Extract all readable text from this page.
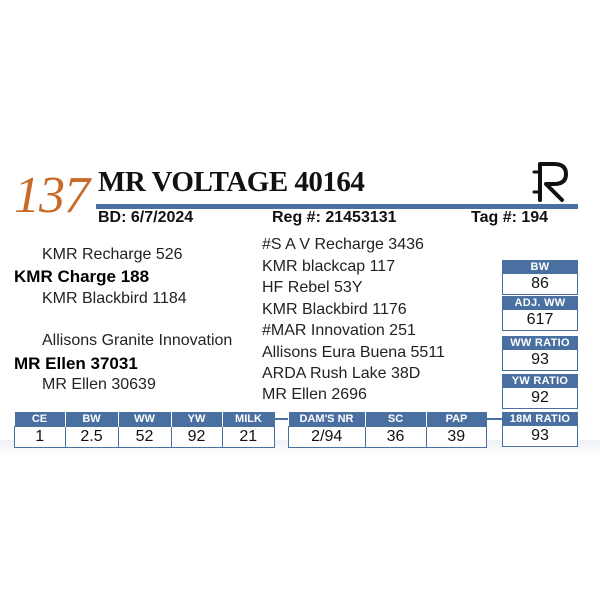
137 MR VOLTAGE 40164
BD: 6/7/2024	Reg #: 21453131	Tag #: 194
KMR Recharge 526
KMR Charge 188
KMR Blackbird 1184
Allisons Granite Innovation
MR Ellen 37031
MR Ellen 30639
#S A V Recharge 3436
KMR blackcap 117
HF Rebel 53Y
KMR Blackbird 1176
#MAR Innovation 251
Allisons Eura Buena 5511
ARDA Rush Lake 38D
MR Ellen 2696
BW
86
ADJ. WW
617
WW RATIO
93
YW RATIO
92
18M RATIO
93
CE	BW	WW	YW	MILK
1	2.5	52	92	21
DAM'S NR	SC	PAP
2/94	36	39
